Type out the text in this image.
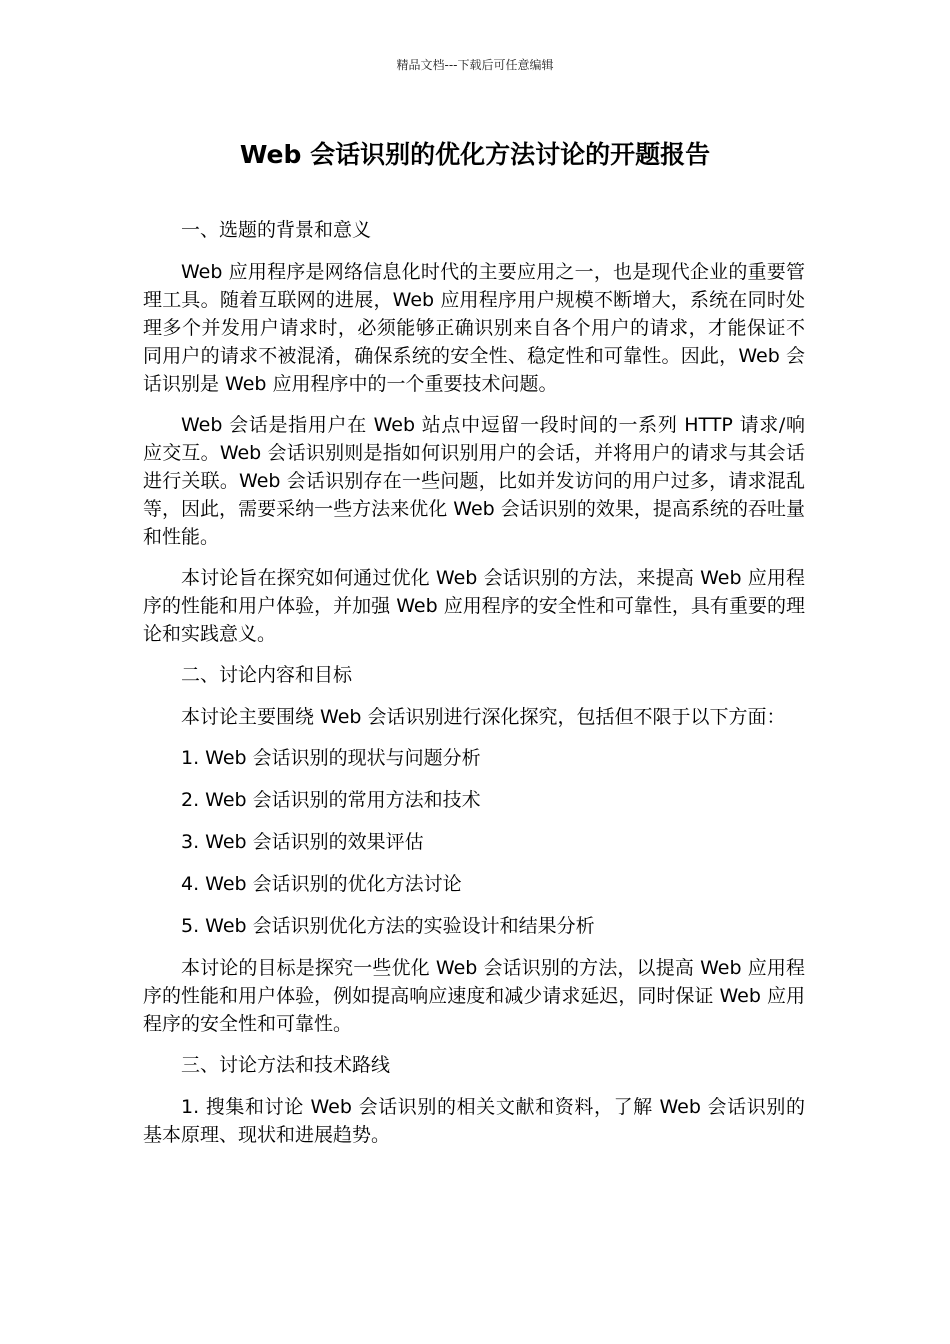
精品文档---下载后可任意编辑
Web 会话识别的优化方法讨论的开题报告

一、选题的背景和意义

Web 应用程序是网络信息化时代的主要应用之一，也是现代企业的重要管理工具。随着互联网的进展，Web 应用程序用户规模不断增大，系统在同时处理多个并发用户请求时，必须能够正确识别来自各个用户的请求，才能保证不同用户的请求不被混淆，确保系统的安全性、稳定性和可靠性。因此，Web 会话识别是 Web 应用程序中的一个重要技术问题。

Web 会话是指用户在 Web 站点中逗留一段时间的一系列 HTTP 请求/响应交互。Web 会话识别则是指如何识别用户的会话，并将用户的请求与其会话进行关联。Web 会话识别存在一些问题，比如并发访问的用户过多，请求混乱等，因此，需要采纳一些方法来优化 Web 会话识别的效果，提高系统的吞吐量和性能。

本讨论旨在探究如何通过优化 Web 会话识别的方法，来提高 Web 应用程序的性能和用户体验，并加强 Web 应用程序的安全性和可靠性，具有重要的理论和实践意义。

二、讨论内容和目标

本讨论主要围绕 Web 会话识别进行深化探究，包括但不限于以下方面：

1. Web 会话识别的现状与问题分析

2. Web 会话识别的常用方法和技术

3. Web 会话识别的效果评估

4. Web 会话识别的优化方法讨论

5. Web 会话识别优化方法的实验设计和结果分析

本讨论的目标是探究一些优化 Web 会话识别的方法，以提高 Web 应用程序的性能和用户体验，例如提高响应速度和减少请求延迟，同时保证 Web 应用程序的安全性和可靠性。

三、讨论方法和技术路线

1. 搜集和讨论 Web 会话识别的相关文献和资料，了解 Web 会话识别的基本原理、现状和进展趋势。
